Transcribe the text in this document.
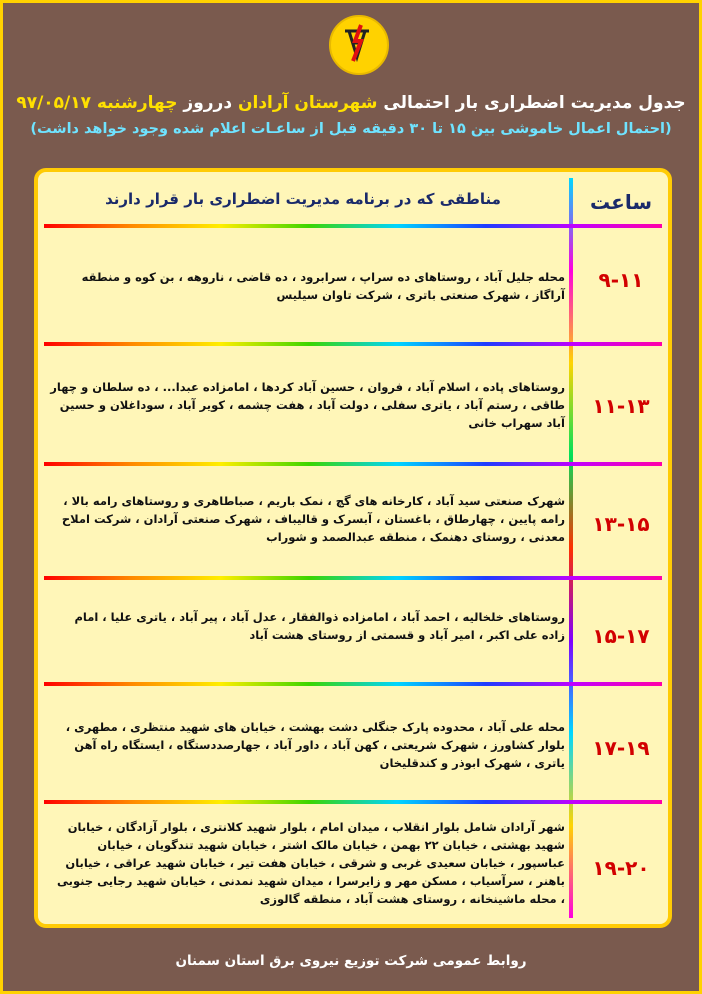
جدول مدیریت اضطراری بار احتمالی شهرستان آرادان درروز چهارشنبه ۹۷/۰۵/۱۷
(احتمال اعمال خاموشی بین ۱۵ تا ۳۰ دقیقه قبل از ساعـات اعلام شده وجود خواهد داشت)
ساعت
مناطقی که در برنامه مدیریت اضطراری بار قرار دارند
۹-۱۱
محله جلیل آباد ، روستاهای ده سراپ ، سرابرود ، ده قاضی ، ناروهه ، بن کوه و منطقه آراگاز ، شهرک صنعتی باتری ، شرکت تاوان سیلیس
۱۱-۱۳
روستاهای پاده ، اسلام آباد ، فروان ، حسین آباد کردها ، امامزاده عبدا... ، ده سلطان و چهار طاقی ، رستم آباد ، یاتری سفلی ، دولت آباد ، هفت چشمه ، کویر آباد ، سوداغلان و حسین آباد سهراب خانی
۱۳-۱۵
شهرک صنعتی سید آباد ، کارخانه های گچ ، نمک باریم ، صباطاهری و روستاهای رامه بالا ، رامه پایین ، چهارطاق ، باغستان ، آبسرک و قالیباف ، شهرک صنعتی آرادان ، شرکت املاح معدنی ، روستای دهنمک ، منطقه عبدالصمد و شوراب
۱۵-۱۷
روستاهای خلخالیه ، احمد آباد ، امامزاده ذوالفقار ، عدل آباد ، پیر آباد ، یاتری علیا ، امام زاده علی اکبر ، امیر آباد و قسمتی از روستای هشت آباد
۱۷-۱۹
محله علی آباد ، محدوده پارک جنگلی دشت بهشت ، خیابان های شهید منتظری ، مطهری ، بلوار کشاورز ، شهرک شریعتی ، کهن آباد ، داور آباد ، جهارصددستگاه ، ایستگاه راه آهن یاتری ، شهرک ابوذر و کندقلیخان
۱۹-۲۰
شهر آرادان شامل بلوار انقلاب ، میدان امام ، بلوار شهید کلانتری ، بلوار آزادگان ، خیابان شهید بهشتی ، خیابان ۲۲ بهمن ، خیابان مالک اشتر ، خیابان شهید تندگویان ، خیابان عباسپور ، خیابان سعیدی غربی و شرقی ، خیابان هفت تیر ، خیابان شهید عراقی ، خیابان باهنر ، سرآسیاب ، مسکن مهر و زایرسرا ، میدان شهید نمدنی ، خیابان شهید رجایی جنوبی ، محله ماشینخانه ، روستای هشت آباد ، منطقه گالوزی
روابط عمومی شرکت توزیع نیروی برق استان سمنان
